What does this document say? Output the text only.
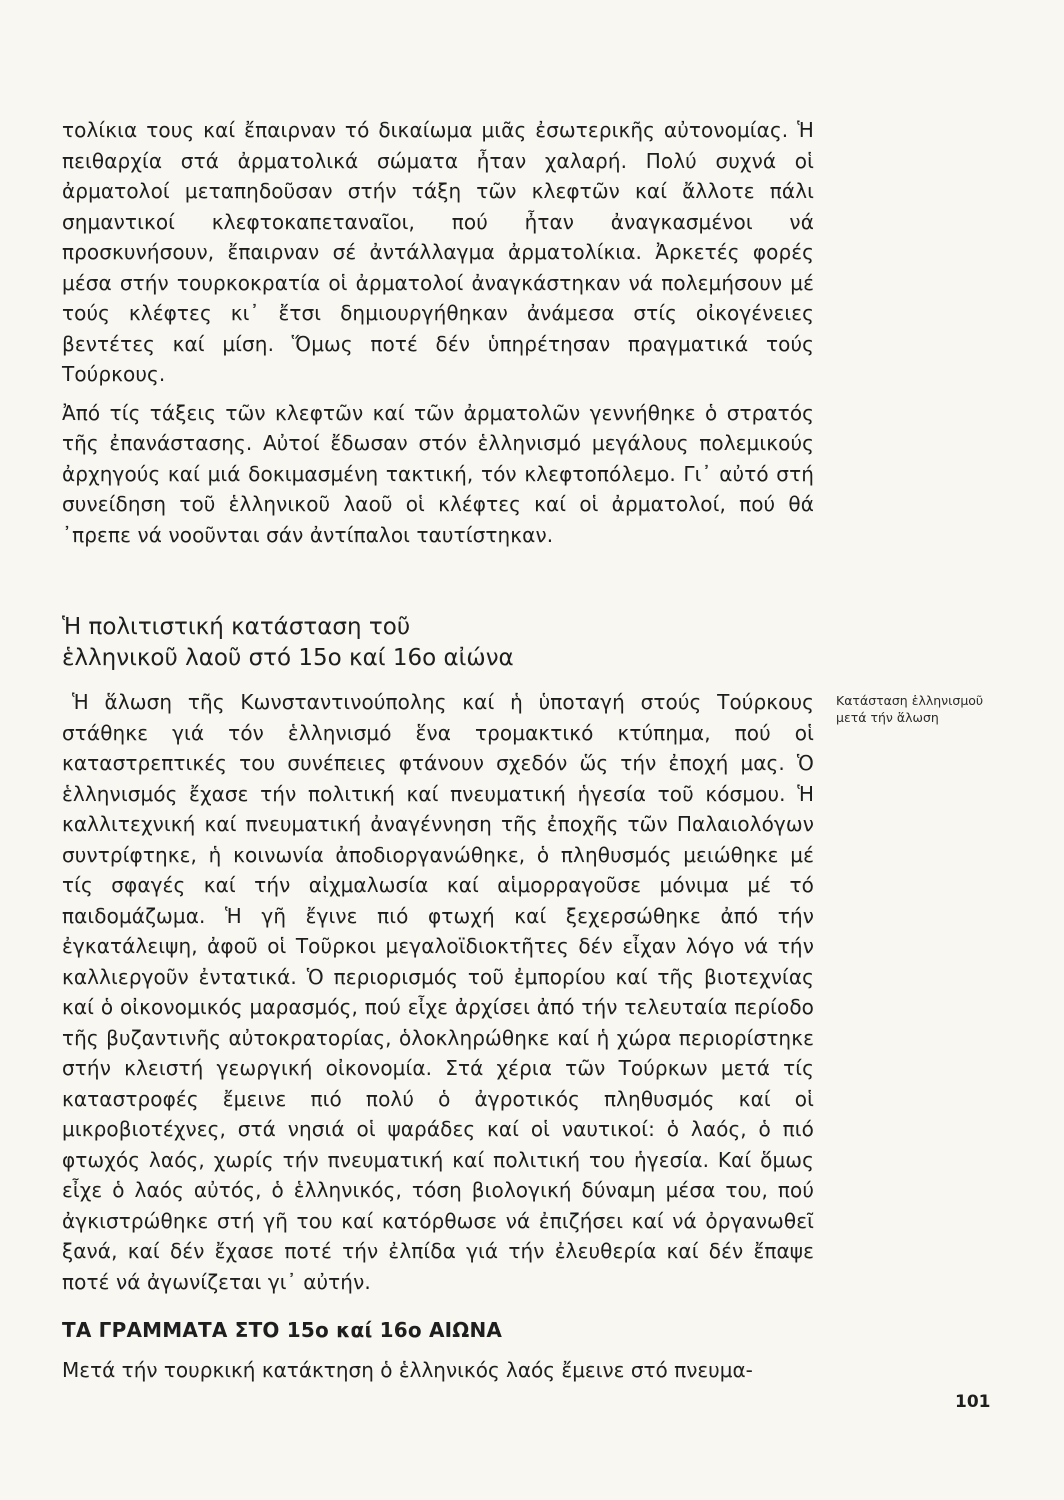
τολίκια τους καί ἔπαιρναν τό δικαίωμα μιᾶς ἐσωτερικῆς αὐτονομίας. Ἡ πειθαρχία στά ἀρματολικά σώματα ἦταν χαλαρή. Πολύ συχνά οἱ ἀρματολοί μεταπηδοῦσαν στήν τάξη τῶν κλεφτῶν καί ἄλλοτε πάλι σημαντικοί κλεφτοκαπεταναῖοι, πού ἦταν ἀναγκασμένοι νά προσκυνήσουν, ἔπαιρναν σέ ἀντάλλαγμα ἀρματολίκια. Ἀρκετές φορές μέσα στήν τουρκοκρατία οἱ ἀρματολοί ἀναγκάστηκαν νά πολεμήσουν μέ τούς κλέφτες κι᾿ ἔτσι δημιουργήθηκαν ἀνάμεσα στίς οἰκογένειες βεντέτες καί μίση. Ὅμως ποτέ δέν ὑπηρέτησαν πραγματικά τούς Τούρκους.

Ἀπό τίς τάξεις τῶν κλεφτῶν καί τῶν ἀρματολῶν γεννήθηκε ὁ στρατός τῆς ἐπανάστασης. Αὐτοί ἔδωσαν στόν ἑλληνισμό μεγάλους πολεμικούς ἀρχηγούς καί μιά δοκιμασμένη τακτική, τόν κλεφτοπόλεμο. Γι᾿ αὐτό στή συνείδηση τοῦ ἑλληνικοῦ λαοῦ οἱ κλέφτες καί οἱ ἀρματολοί, πού θά ᾿πρεπε νά νοοῦνται σάν ἀντίπαλοι ταυτίστηκαν.

Ἡ πολιτιστική κατάσταση τοῦ
ἑλληνικοῦ λαοῦ στό 15ο καί 16ο αἰώνα

Ἡ ἅλωση τῆς Κωνσταντινούπολης καί ἡ ὑποταγή στούς Τούρκους στάθηκε γιά τόν ἑλληνισμό ἕνα τρομακτικό κτύπημα, πού οἱ καταστρεπτικές του συνέπειες φτάνουν σχεδόν ὥς τήν ἐποχή μας. Ὁ ἑλληνισμός ἔχασε τήν πολιτική καί πνευματική ἡγεσία τοῦ κόσμου. Ἡ καλλιτεχνική καί πνευματική ἀναγέννηση τῆς ἐποχῆς τῶν Παλαιολόγων συντρίφτηκε, ἡ κοινωνία ἀποδιοργανώθηκε, ὁ πληθυσμός μειώθηκε μέ τίς σφαγές καί τήν αἰχμαλωσία καί αἱμορραγοῦσε μόνιμα μέ τό παιδομάζωμα. Ἡ γῆ ἔγινε πιό φτωχή καί ξεχερσώθηκε ἀπό τήν ἐγκατάλειψη, ἀφοῦ οἱ Τοῦρκοι μεγαλοϊδιοκτῆτες δέν εἶχαν λόγο νά τήν καλλιεργοῦν ἐντατικά. Ὁ περιορισμός τοῦ ἐμπορίου καί τῆς βιοτεχνίας καί ὁ οἰκονομικός μαρασμός, πού εἶχε ἀρχίσει ἀπό τήν τελευταία περίοδο τῆς βυζαντινῆς αὐτοκρατορίας, ὁλοκληρώθηκε καί ἡ χώρα περιορίστηκε στήν κλειστή γεωργική οἰκονομία. Στά χέρια τῶν Τούρκων μετά τίς καταστροφές ἔμεινε πιό πολύ ὁ ἀγροτικός πληθυσμός καί οἱ μικροβιοτέχνες, στά νησιά οἱ ψαράδες καί οἱ ναυτικοί: ὁ λαός, ὁ πιό φτωχός λαός, χωρίς τήν πνευματική καί πολιτική του ἡγεσία. Καί ὅμως εἶχε ὁ λαός αὐτός, ὁ ἑλληνικός, τόση βιολογική δύναμη μέσα του, πού ἀγκιστρώθηκε στή γῆ του καί κατόρθωσε νά ἐπιζήσει καί νά ὀργανωθεῖ ξανά, καί δέν ἔχασε ποτέ τήν ἐλπίδα γιά τήν ἐλευθερία καί δέν ἔπαψε ποτέ νά ἀγωνίζεται γι᾿ αὐτήν.

Κατάσταση ἑλληνισμοῦ μετά τήν ἅλωση
ΤΑ ΓΡΑΜΜΑΤΑ ΣΤΟ 15ο καί 16ο ΑΙΩΝΑ

Μετά τήν τουρκική κατάκτηση ὁ ἑλληνικός λαός ἔμεινε στό πνευμα-

101
